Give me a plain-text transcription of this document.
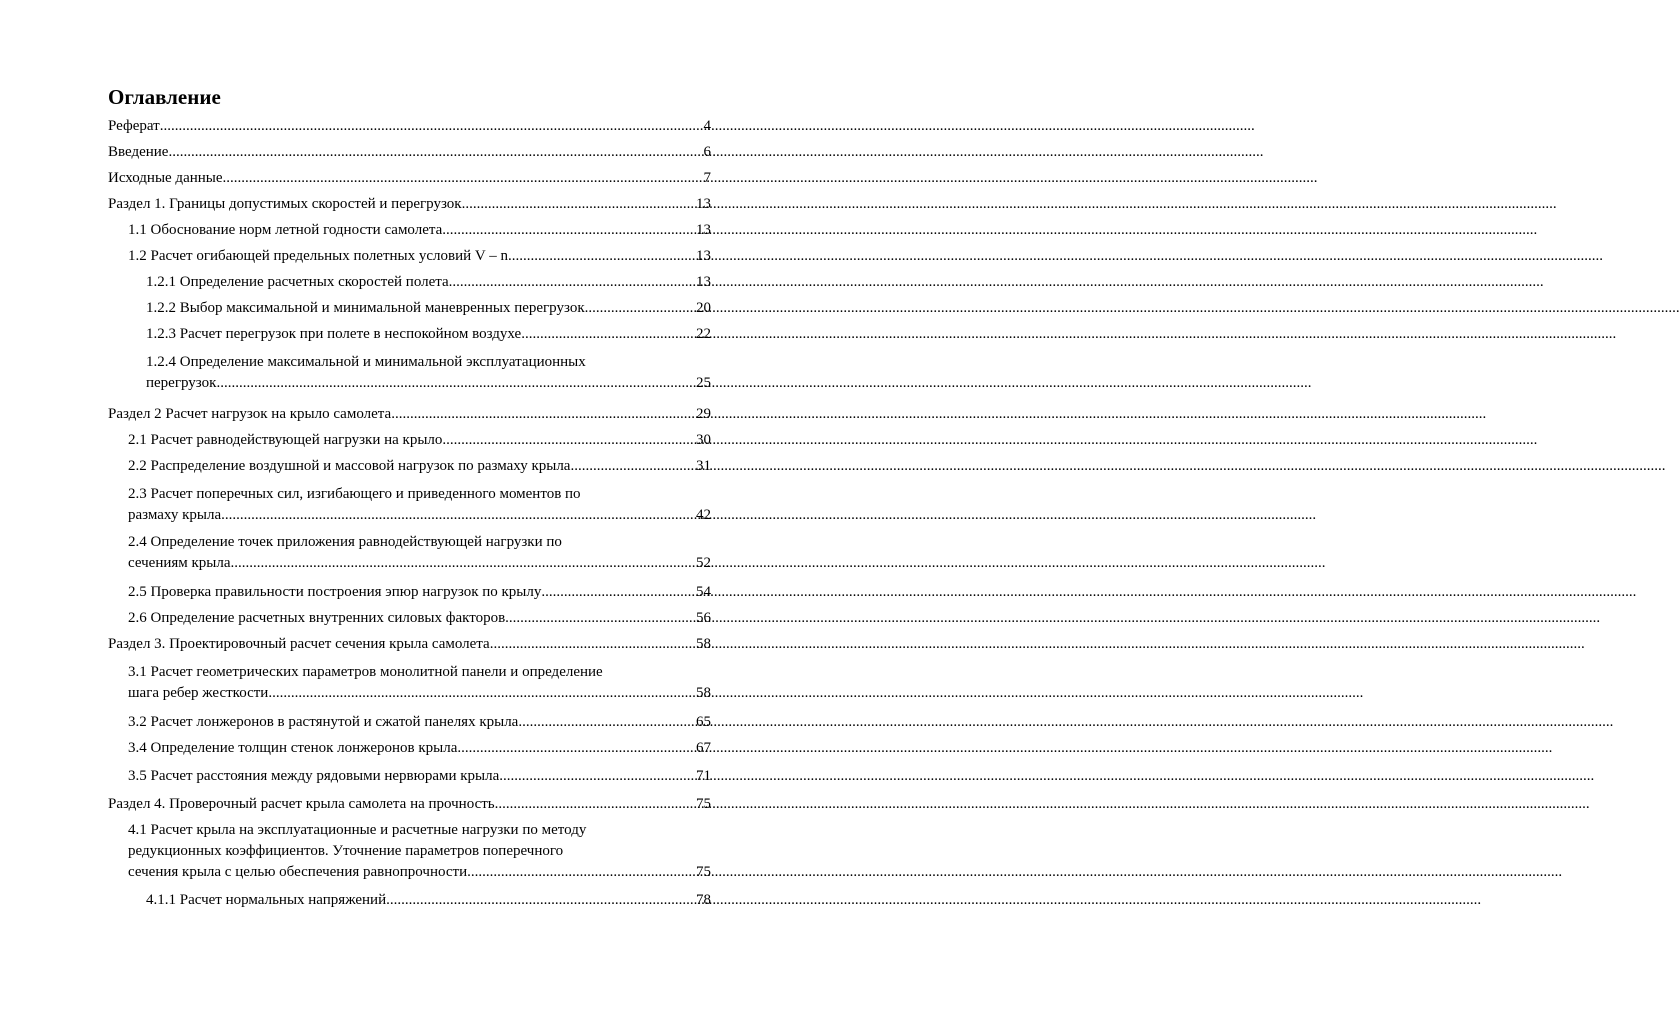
Оглавление
Реферат .....	4
Введение .....	6
Исходные данные .....	7
Раздел 1. Границы допустимых скоростей и перегрузок .....	13
1.1 Обоснование норм летной годности самолета .....	13
1.2 Расчет огибающей предельных полетных условий V – n .....	13
1.2.1 Определение расчетных скоростей полета .....	13
1.2.2 Выбор максимальной и минимальной маневренных перегрузок .....	20
1.2.3 Расчет перегрузок при полете в неспокойном воздухе .....	22
1.2.4 Определение максимальной и минимальной эксплуатационных
перегрузок .....	25
Раздел 2 Расчет нагрузок на крыло самолета .....	29
2.1 Расчет равнодействующей нагрузки на крыло .....	30
2.2 Распределение воздушной и массовой нагрузок по размаху крыла .....	31
2.3 Расчет поперечных сил, изгибающего и приведенного моментов по
размаху крыла .....	42
2.4 Определение точек приложения равнодействующей нагрузки по
сечениям крыла .....	52
2.5 Проверка правильности построения эпюр нагрузок по крылу .....	54
2.6 Определение расчетных внутренних силовых факторов .....	56
Раздел 3. Проектировочный расчет сечения крыла самолета .....	58
3.1 Расчет геометрических параметров монолитной панели и определение
шага ребер жесткости .....	58
3.2 Расчет лонжеронов в растянутой и сжатой панелях крыла .....	65
3.4 Определение толщин стенок лонжеронов крыла .....	67
3.5 Расчет расстояния между рядовыми нервюрами крыла .....	71
Раздел 4. Проверочный расчет крыла самолета на прочность .....	75
4.1 Расчет крыла на эксплуатационные и расчетные нагрузки по методу
редукционных коэффициентов. Уточнение параметров поперечного
сечения крыла с целью обеспечения равнопрочности .....	75
4.1.1 Расчет нормальных напряжений .....	78
